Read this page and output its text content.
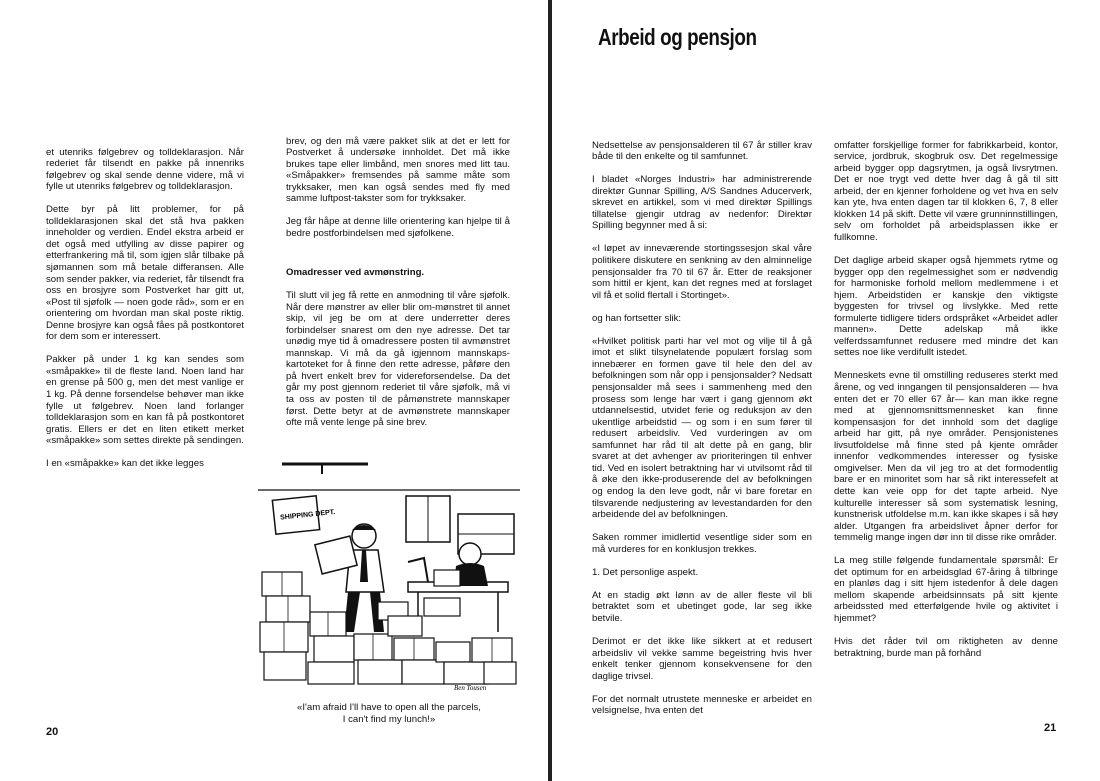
et utenriks følgebrev og tolldeklarasjon. Når rederiet får tilsendt en pakke på innenriks følgebrev og skal sende denne videre, må vi fylle ut utenriks følgebrev og tolldeklarasjon.

Dette byr på litt problemer, for på tolldeklarasjonen skal det stå hva pakken inneholder og verdien. Endel ekstra arbeid er det også med utfylling av disse papirer og etterfrankering må til, som igjen slår tilbake på sjømannen som må betale differansen. Alle som sender pakker, via rederiet, får tilsendt fra oss en brosjyre som Postverket har gitt ut, «Post til sjøfolk — noen gode råd», som er en orientering om hvordan man skal poste riktig. Denne brosjyre kan også fåes på postkontoret for dem som er interessert.

Pakker på under 1 kg kan sendes som «småpakke» til de fleste land. Noen land har en grense på 500 g, men det mest vanlige er 1 kg. På denne forsendelse behøver man ikke fylle ut følgebrev. Noen land forlanger tolldeklarasjon som en kan få på postkontoret gratis. Ellers er det en liten etikett merket «småpakke» som settes direkte på sendingen.

I en «småpakke» kan det ikke legges

brev, og den må være pakket slik at det er lett for Postverket å undersøke innholdet. Det må ikke brukes tape eller limbånd, men snores med litt tau. «Småpakker» fremsendes på samme måte som trykksaker, men kan også sendes med fly med samme luftpost-takster som for trykksaker.

Jeg får håpe at denne lille orientering kan hjelpe til å bedre postforbindelsen med sjøfolkene.

Omadresser ved avmønstring.

Til slutt vil jeg få rette en anmodning til våre sjøfolk. Når dere mønstrer av eller blir om-mønstret til annet skip, vil jeg be om at dere underretter deres forbindelser snarest om den nye adresse. Det tar unødig mye tid å omadressere posten til avmønstret mannskap. Vi må da gå igjennom mannskaps-kartoteket for å finne den rette adresse, påføre den på hvert enkelt brev for videreforsendelse. Da det går my post gjennom rederiet til våre sjøfolk, må vi ta oss av posten til de påmønstrete mannskaper først. Dette betyr at de avmønstrete mannskaper ofte må vente lenge på sine brev.

SHIPPING DEPT.
Ben Tousen
«I'am afraid I'll have to open all the parcels,
I can't find my lunch!»
20
Arbeid og pensjon

Nedsettelse av pensjonsalderen til 67 år stiller krav både til den enkelte og til samfunnet.

I bladet «Norges Industri» har administrerende direktør Gunnar Spilling, A/S Sandnes Aducerverk, skrevet en artikkel, som vi med direktør Spillings tillatelse gjengir utdrag av nedenfor: Direktør Spilling begynner med å si:

«I løpet av inneværende stortingssesjon skal våre politikere diskutere en senkning av den alminnelige pensjonsalder fra 70 til 67 år. Etter de reaksjoner som hittil er kjent, kan det regnes med at forslaget vil få et solid flertall i Stortinget».

og han fortsetter slik:

«Hvilket politisk parti har vel mot og vilje til å gå imot et slikt tilsynelatende populært forslag som innebærer en formen gave til hele den del av befolkningen som når opp i pensjonsalder? Nedsatt pensjonsalder må sees i sammenheng med den prosess som lenge har vært i gang gjennom økt utdannelsestid, utvidet ferie og reduksjon av den ukentlige arbeidstid — og som i en sum fører til redusert arbeidsliv. Ved vurderingen av om samfunnet har råd til alt dette på en gang, blir svaret at det avhenger av prioriteringen til enhver tid. Ved en isolert betraktning har vi utvilsomt råd til å øke den ikke-produserende del av befolkningen og endog la den leve godt, når vi bare foretar en tilsvarende nedjustering av levestandarden for den arbeidende del av befolkningen.

Saken rommer imidlertid vesentlige sider som en må vurderes for en konklusjon trekkes.

1. Det personlige aspekt.

At en stadig økt lønn av de aller fleste vil bli betraktet som et ubetinget gode, lar seg ikke betvile.

Derimot er det ikke like sikkert at et redusert arbeidsliv vil vekke samme begeistring hvis hver enkelt tenker gjennom konsekvensene for den daglige trivsel.

For det normalt utrustete menneske er arbeidet en velsignelse, hva enten det

omfatter forskjellige former for fabrikkarbeid, kontor, service, jordbruk, skogbruk osv. Det regelmessige arbeid bygger opp dagsrytmen, ja også livsrytmen. Det er noe trygt ved dette hver dag å gå til sitt arbeid, der en kjenner forholdene og vet hva en selv kan yte, hva enten dagen tar til klokken 6, 7, 8 eller klokken 14 på skift. Dette vil være grunninnstillingen, selv om forholdet på arbeidsplassen ikke er fullkomne.

Det daglige arbeid skaper også hjemmets rytme og bygger opp den regelmessighet som er nødvendig for harmoniske forhold mellom medlemmene i et hjem. Arbeidstiden er kanskje den viktigste byggesten for trivsel og livslykke. Med rette formulerte tidligere tiders ordspråket «Arbeidet adler mannen». Dette adelskap må ikke velferdssamfunnet redusere med mindre det kan settes noe like verdifullt istedet.

Menneskets evne til omstilling reduseres sterkt med årene, og ved inngangen til pensjonsalderen — hva enten det er 70 eller 67 år— kan man ikke regne med at gjennomsnittsmennesket kan finne kompensasjon for det innhold som det daglige arbeid har gitt, på nye områder. Pensjonistenes livsutfoldelse må finne sted på kjente områder innenfor vedkommendes interesser og fysiske omgivelser. Men da vil jeg tro at det formodentlig bare er en minoritet som har så rikt interessefelt at dette kan veie opp for det tapte arbeid. Nye kulturelle interesser så som systematisk lesning, kunstnerisk utfoldelse m.m. kan ikke skapes i så høy alder. Utgangen fra arbeidslivet åpner derfor for temmelig mange ingen dør inn til disse rike områder.

La meg stille følgende fundamentale spørsmål: Er det optimum for en arbeidsglad 67-åring å tilbringe en planløs dag i sitt hjem istedenfor å dele dagen mellom skapende arbeidsinnsats på sitt kjente arbeidssted med etterfølgende hvile og aktivitet i hjemmet?

Hvis det råder tvil om riktigheten av denne betraktning, burde man på forhånd

21
